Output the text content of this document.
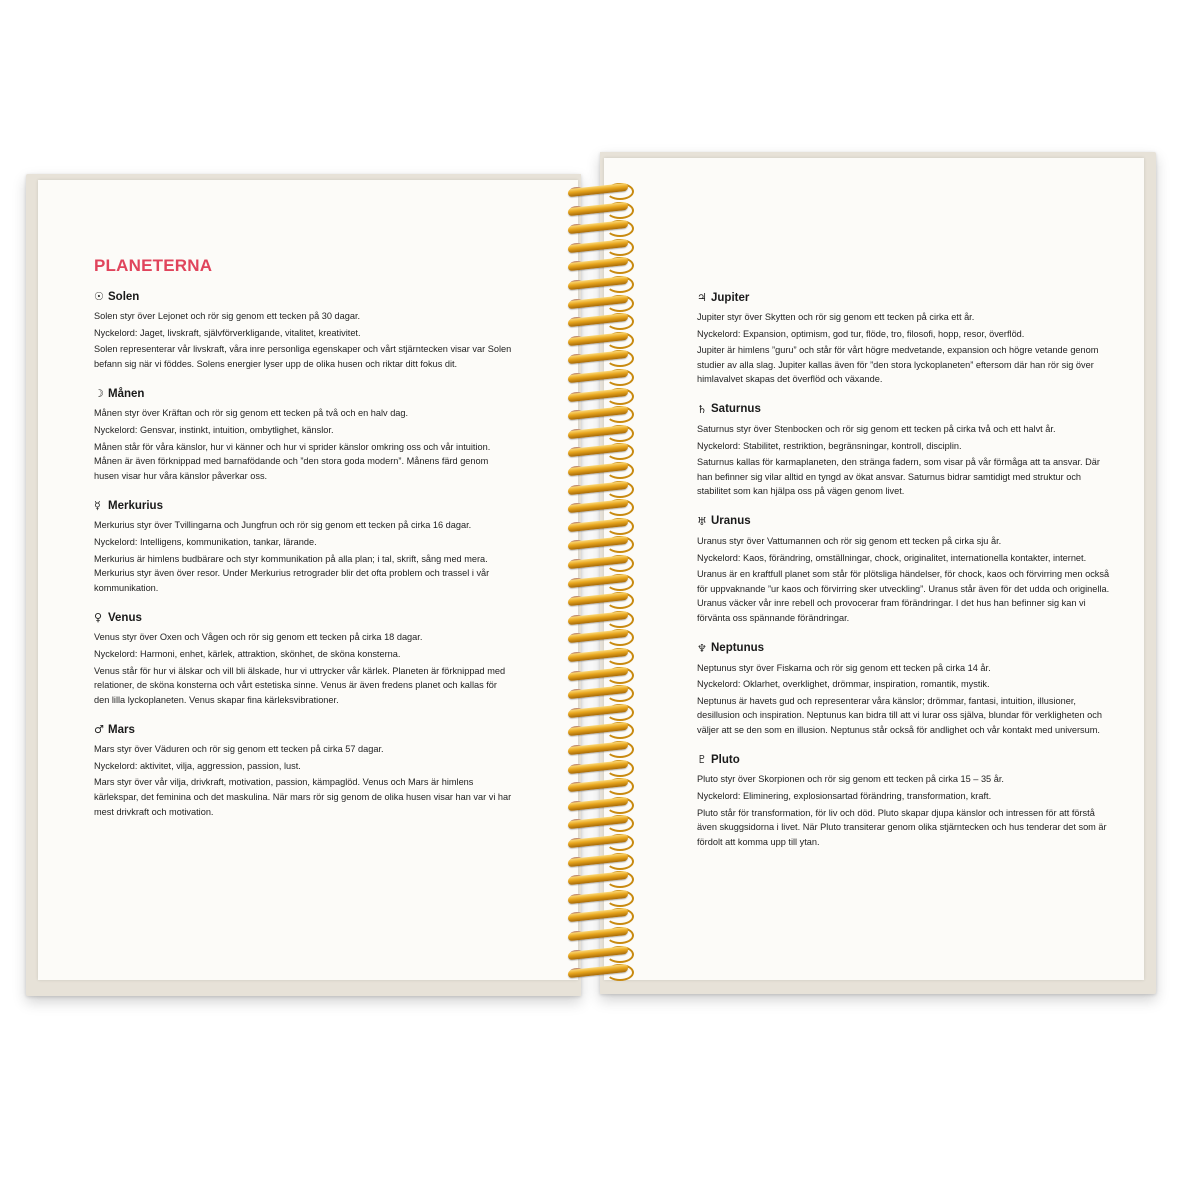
PLANETERNA
☉ Solen

Solen styr över Lejonet och rör sig genom ett tecken på 30 dagar.

Nyckelord: Jaget, livskraft, självförverkligande, vitalitet, kreativitet.

Solen representerar vår livskraft, våra inre personliga egenskaper och vårt stjärntecken visar var Solen befann sig när vi föddes. Solens energier lyser upp de olika husen och riktar ditt fokus dit.

☽ Månen

Månen styr över Kräftan och rör sig genom ett tecken på två och en halv dag.

Nyckelord: Gensvar, instinkt, intuition, ombytlighet, känslor.

Månen står för våra känslor, hur vi känner och hur vi sprider känslor omkring oss och vår intuition. Månen är även förknippad med barnafödande och ”den stora goda modern”. Månens färd genom husen visar hur våra känslor påverkar oss.

☿ Merkurius

Merkurius styr över Tvillingarna och Jungfrun och rör sig genom ett tecken på cirka 16 dagar.

Nyckelord: Intelligens, kommunikation, tankar, lärande.

Merkurius är himlens budbärare och styr kommunikation på alla plan; i tal, skrift, sång med mera. Merkurius styr även över resor. Under Merkurius retrograder blir det ofta problem och trassel i vår kommunikation.

♀ Venus

Venus styr över Oxen och Vågen och rör sig genom ett tecken på cirka 18 dagar.

Nyckelord: Harmoni, enhet, kärlek, attraktion, skönhet, de sköna konsterna.

Venus står för hur vi älskar och vill bli älskade, hur vi uttrycker vår kärlek. Planeten är förknippad med relationer, de sköna konsterna och vårt estetiska sinne. Venus är även fredens planet och kallas för den lilla lyckoplaneten. Venus skapar fina kärleksvibrationer.

♂ Mars

Mars styr över Väduren och rör sig genom ett tecken på cirka 57 dagar.

Nyckelord: aktivitet, vilja, aggression, passion, lust.

Mars styr över vår vilja, drivkraft, motivation, passion, kämpaglöd. Venus och Mars är himlens kärlekspar, det feminina och det maskulina. När mars rör sig genom de olika husen visar han var vi har mest drivkraft och motivation.

♃ Jupiter

Jupiter styr över Skytten och rör sig genom ett tecken på cirka ett år.

Nyckelord: Expansion, optimism, god tur, flöde, tro, filosofi, hopp, resor, överflöd.

Jupiter är himlens ”guru” och står för vårt högre medvetande, expansion och högre vetande genom studier av alla slag. Jupiter kallas även för ”den stora lyckoplaneten” eftersom där han rör sig över himlavalvet skapas det överflöd och växande.

♄ Saturnus

Saturnus styr över Stenbocken och rör sig genom ett tecken på cirka två och ett halvt år.

Nyckelord: Stabilitet, restriktion, begränsningar, kontroll, disciplin.

Saturnus kallas för karmaplaneten, den stränga fadern, som visar på vår förmåga att ta ansvar. Där han befinner sig vilar alltid en tyngd av ökat ansvar. Saturnus bidrar samtidigt med struktur och stabilitet som kan hjälpa oss på vägen genom livet.

♅ Uranus

Uranus styr över Vattumannen och rör sig genom ett tecken på cirka sju år.

Nyckelord: Kaos, förändring, omställningar, chock, originalitet, internationella kontakter, internet.

Uranus är en kraftfull planet som står för plötsliga händelser, för chock, kaos och förvirring men också för uppvaknande ”ur kaos och förvirring sker utveckling”. Uranus står även för det udda och originella. Uranus väcker vår inre rebell och provocerar fram förändringar. I det hus han befinner sig kan vi förvänta oss spännande förändringar.

♆ Neptunus

Neptunus styr över Fiskarna och rör sig genom ett tecken på cirka 14 år.

Nyckelord: Oklarhet, overklighet, drömmar, inspiration, romantik, mystik.

Neptunus är havets gud och representerar våra känslor; drömmar, fantasi, intuition, illusioner, desillusion och inspiration. Neptunus kan bidra till att vi lurar oss själva, blundar för verkligheten och väljer att se den som en illusion. Neptunus står också för andlighet och vår kontakt med universum.

♇ Pluto

Pluto styr över Skorpionen och rör sig genom ett tecken på cirka 15 – 35 år.

Nyckelord: Eliminering, explosionsartad förändring, transformation, kraft.

Pluto står för transformation, för liv och död. Pluto skapar djupa känslor och intressen för att förstå även skuggsidorna i livet. När Pluto transiterar genom olika stjärntecken och hus tenderar det som är fördolt att komma upp till ytan.
